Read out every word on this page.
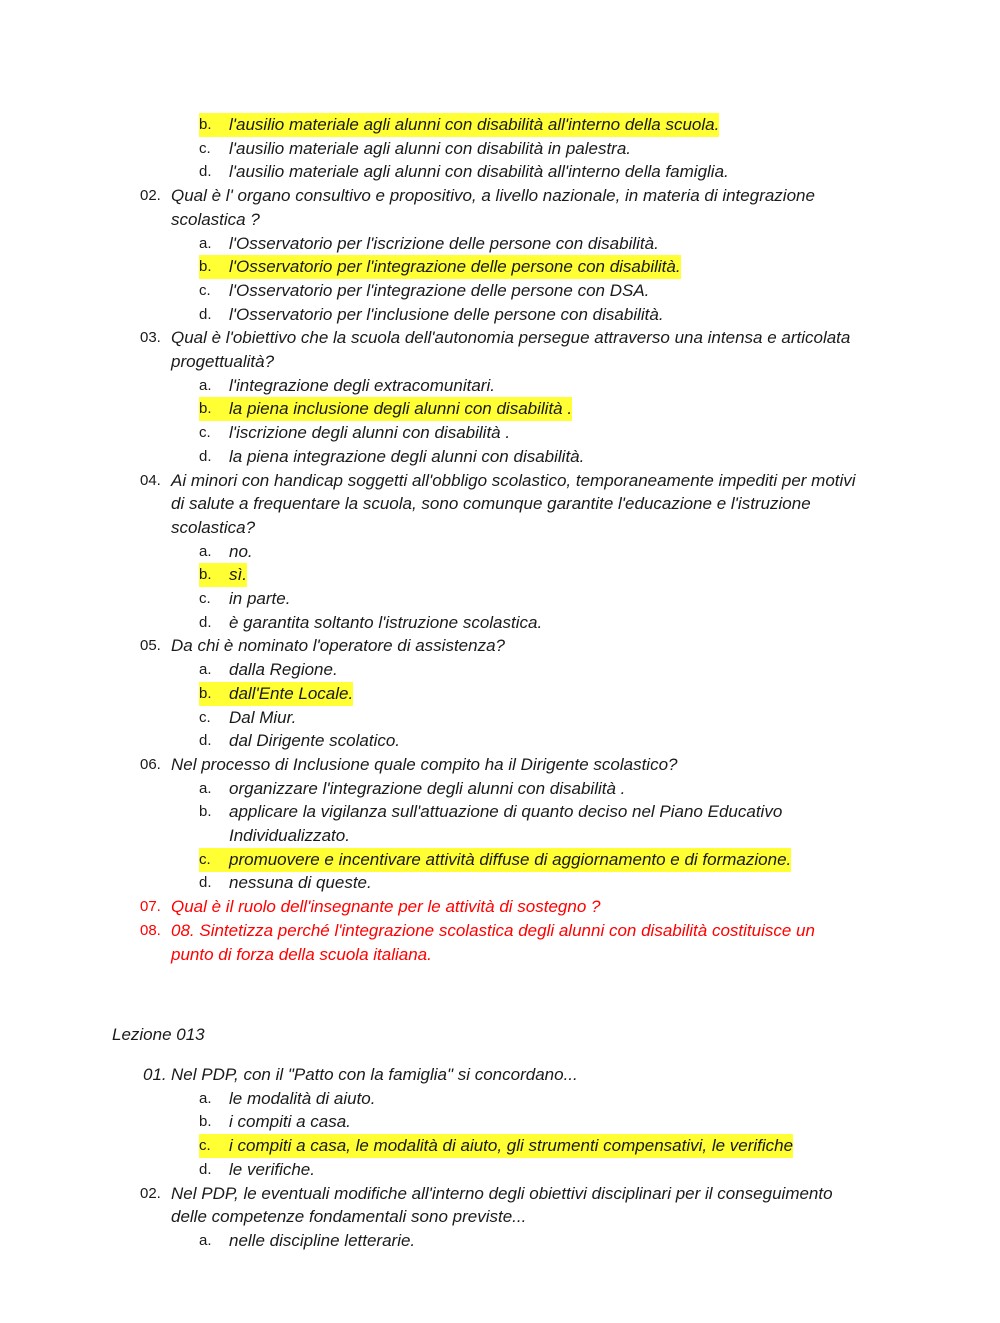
b.	l'ausilio materiale agli alunni con disabilità all'interno della scuola.
c. l'ausilio materiale agli alunni con disabilità in palestra.
d. l'ausilio materiale agli alunni con disabilità all'interno della famiglia.
02. Qual è l' organo consultivo e propositivo, a livello nazionale, in materia di integrazione
scolastica ?
a. l'Osservatorio per l'iscrizione delle persone con disabilità.
b.	l'Osservatorio per l'integrazione delle persone con disabilità.
c. l'Osservatorio per l'integrazione delle persone con DSA.
d. l'Osservatorio per l'inclusione delle persone con disabilità.
03. Qual è l'obiettivo che la scuola dell'autonomia persegue attraverso una intensa e articolata
progettualità?
a. l'integrazione degli extracomunitari.
b.	la piena inclusione degli alunni con disabilità .
c. l'iscrizione degli alunni con disabilità .
d. la piena integrazione degli alunni con disabilità.
04. Ai minori con handicap soggetti all'obbligo scolastico, temporaneamente impediti per motivi
di salute a frequentare la scuola, sono comunque garantite l'educazione e l'istruzione
scolastica?
a. no.
b.	sì.
c. in parte.
d. è garantita soltanto l'istruzione scolastica.
05. Da chi è nominato l'operatore di assistenza?
a. dalla Regione.
b.	dall'Ente Locale.
c. Dal Miur.
d. dal Dirigente scolatico.
06. Nel processo di Inclusione quale compito ha il Dirigente scolastico?
a. organizzare l'integrazione degli alunni con disabilità .
b. applicare la vigilanza sull'attuazione di quanto deciso nel Piano Educativo
Individualizzato.
c.	promuovere e incentivare attività diffuse di aggiornamento e di formazione.
d. nessuna di queste.
07. Qual è il ruolo dell'insegnante per le attività di sostegno ?
08. 08. Sintetizza perché l'integrazione scolastica degli alunni con disabilità costituisce un
punto di forza della scuola italiana.
Lezione 013
01. Nel PDP, con il "Patto con la famiglia" si concordano...
a. le modalità di aiuto.
b. i compiti a casa.
c.	i compiti a casa, le modalità di aiuto, gli strumenti compensativi, le verifiche
d. le verifiche.
02. Nel PDP, le eventuali modifiche all'interno degli obiettivi disciplinari per il conseguimento
delle competenze fondamentali sono previste...
a. nelle discipline letterarie.
